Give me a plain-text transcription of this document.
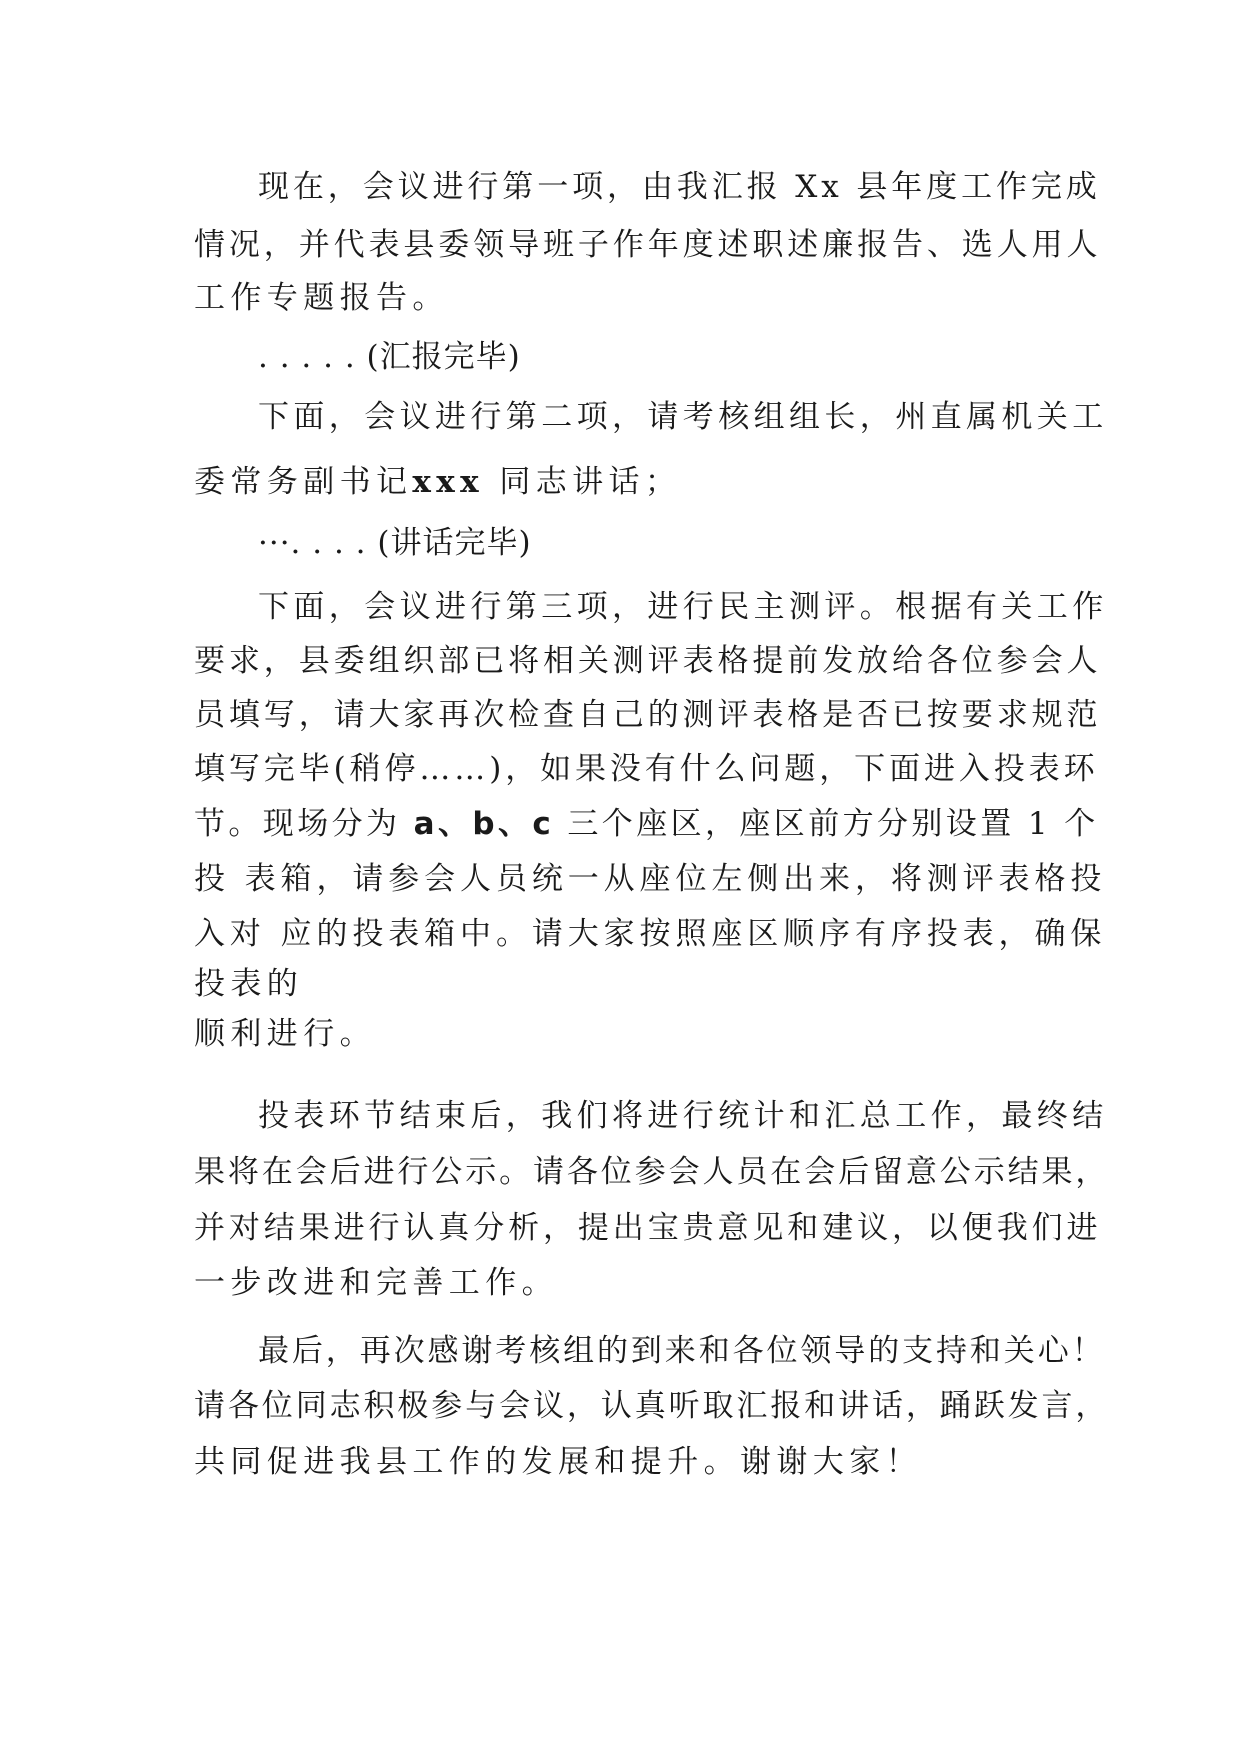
现在，会议进行第一项，由我汇报 Xx 县年度工作完成

情况，并代表县委领导班子作年度述职述廉报告、选人用人

工作专题报告。

. . . . . (汇报完毕)

下面，会议进行第二项，请考核组组长，州直属机关工

委常务副书记xxx 同志讲话；

···. . . . (讲话完毕)

下面，会议进行第三项，进行民主测评。根据有关工作

要求，县委组织部已将相关测评表格提前发放给各位参会人

员填写，请大家再次检查自己的测评表格是否已按要求规范

填写完毕(稍停……)，如果没有什么问题，下面进入投表环

节。现场分为 a、b、c 三个座区，座区前方分别设置 1 个

投 表箱，请参会人员统一从座位左侧出来，将测评表格投

入对 应的投表箱中。请大家按照座区顺序有序投表，确保

投表的

顺利进行。

投表环节结束后，我们将进行统计和汇总工作，最终结

果将在会后进行公示。请各位参会人员在会后留意公示结果，

并对结果进行认真分析，提出宝贵意见和建议，以便我们进

一步改进和完善工作。

最后，再次感谢考核组的到来和各位领导的支持和关心！

请各位同志积极参与会议，认真听取汇报和讲话，踊跃发言，

共同促进我县工作的发展和提升。谢谢大家！
